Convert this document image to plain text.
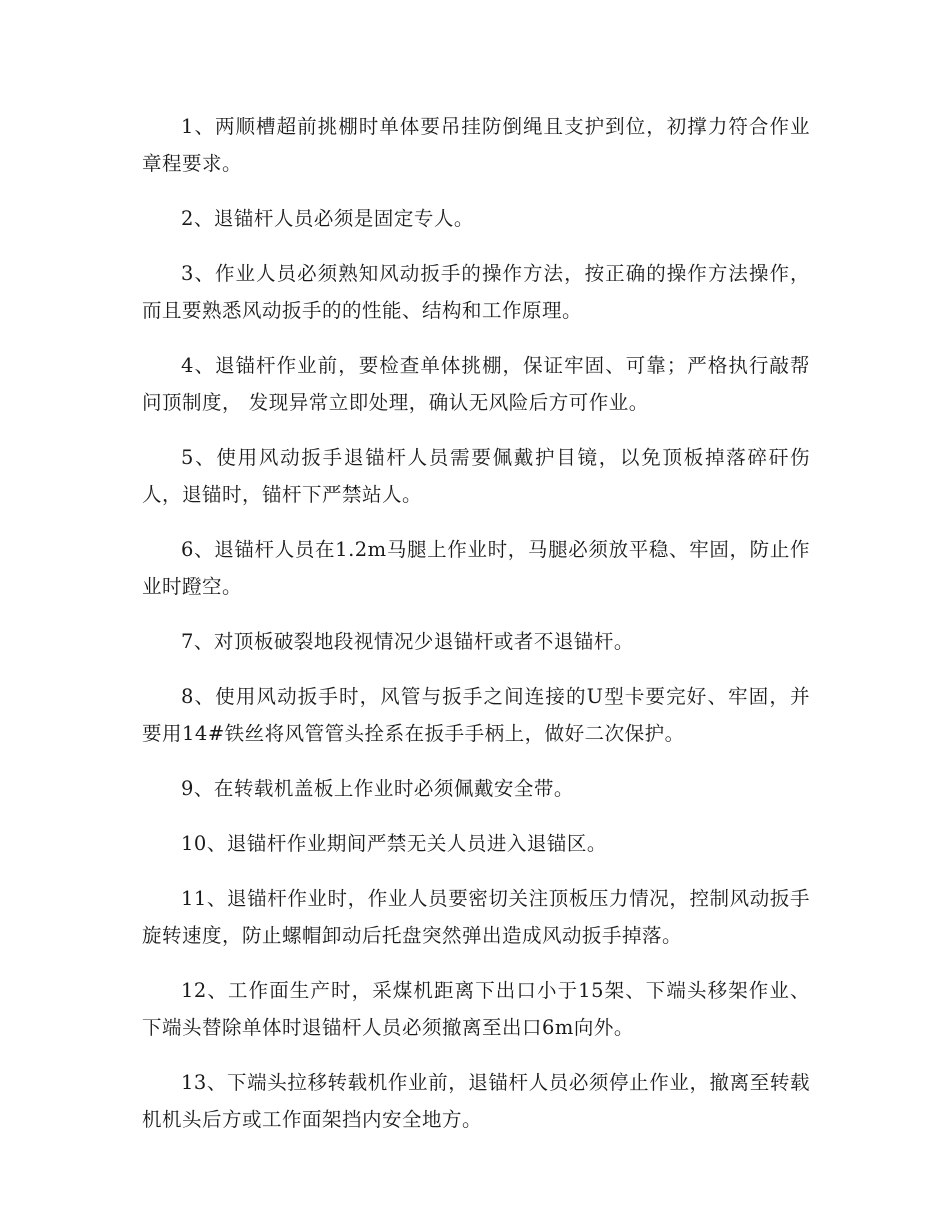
1、两顺槽超前挑棚时单体要吊挂防倒绳且支护到位，初撑力符合作业章程要求。

2、退锚杆人员必须是固定专人。

3、作业人员必须熟知风动扳手的操作方法，按正确的操作方法操作，而且要熟悉风动扳手的的性能、结构和工作原理。

4、退锚杆作业前，要检查单体挑棚，保证牢固、可靠；严格执行敲帮问顶制度， 发现异常立即处理，确认无风险后方可作业。

5、使用风动扳手退锚杆人员需要佩戴护目镜，以免顶板掉落碎矸伤人，退锚时，锚杆下严禁站人。

6、退锚杆人员在1.2m马腿上作业时，马腿必须放平稳、牢固，防止作业时蹬空。

7、对顶板破裂地段视情况少退锚杆或者不退锚杆。

8、使用风动扳手时，风管与扳手之间连接的U型卡要完好、牢固，并要用14#铁丝将风管管头拴系在扳手手柄上，做好二次保护。

9、在转载机盖板上作业时必须佩戴安全带。

10、退锚杆作业期间严禁无关人员进入退锚区。

11、退锚杆作业时，作业人员要密切关注顶板压力情况，控制风动扳手旋转速度，防止螺帽卸动后托盘突然弹出造成风动扳手掉落。

12、工作面生产时，采煤机距离下出口小于15架、下端头移架作业、下端头替除单体时退锚杆人员必须撤离至出口6m向外。

13、下端头拉移转载机作业前，退锚杆人员必须停止作业，撤离至转载机机头后方或工作面架挡内安全地方。
